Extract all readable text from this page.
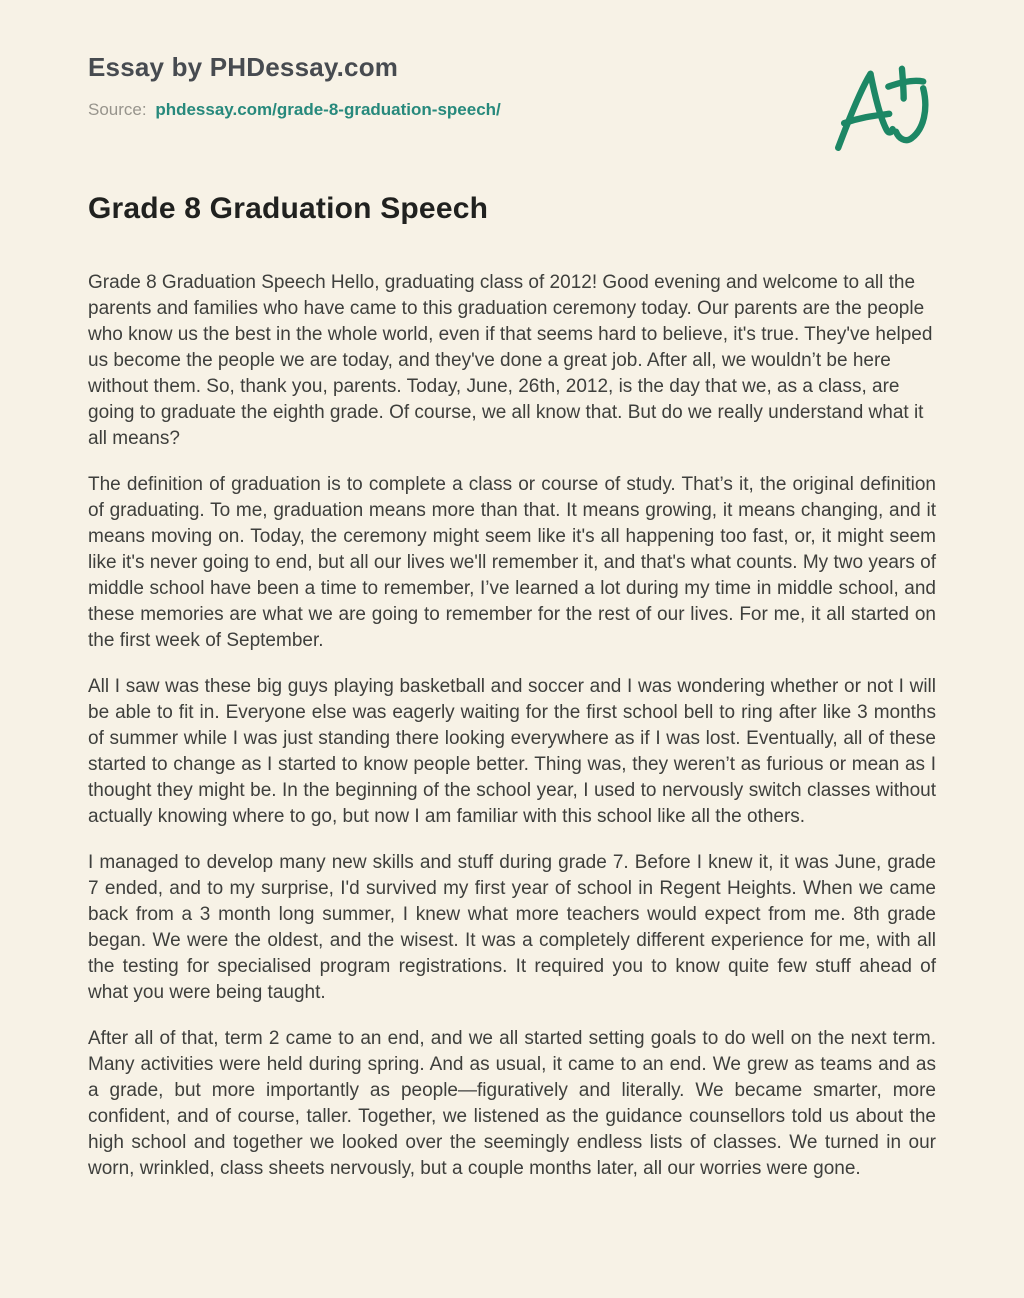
Essay by PHDessay.com
Source: phdessay.com/grade-8-graduation-speech/
Grade 8 Graduation Speech

Grade 8 Graduation Speech Hello, graduating class of 2012! Good evening and welcome to all the parents and families who have came to this graduation ceremony today. Our parents are the people who know us the best in the whole world, even if that seems hard to believe, it's true. They've helped us become the people we are today, and they've done a great job. After all, we wouldn’t be here without them. So, thank you, parents. Today, June, 26th, 2012, is the day that we, as a class, are going to graduate the eighth grade. Of course, we all know that. But do we really understand what it all means?

The definition of graduation is to complete a class or course of study. That’s it, the original definition of graduating. To me, graduation means more than that. It means growing, it means changing, and it means moving on. Today, the ceremony might seem like it's all happening too fast, or, it might seem like it's never going to end, but all our lives we'll remember it, and that's what counts. My two years of middle school have been a time to remember, I’ve learned a lot during my time in middle school, and these memories are what we are going to remember for the rest of our lives. For me, it all started on the first week of September.

All I saw was these big guys playing basketball and soccer and I was wondering whether or not I will be able to fit in. Everyone else was eagerly waiting for the first school bell to ring after like 3 months of summer while I was just standing there looking everywhere as if I was lost. Eventually, all of these started to change as I started to know people better. Thing was, they weren’t as furious or mean as I thought they might be. In the beginning of the school year, I used to nervously switch classes without actually knowing where to go, but now I am familiar with this school like all the others.

I managed to develop many new skills and stuff during grade 7. Before I knew it, it was June, grade 7 ended, and to my surprise, I'd survived my first year of school in Regent Heights. When we came back from a 3 month long summer, I knew what more teachers would expect from me. 8th grade began. We were the oldest, and the wisest. It was a completely different experience for me, with all the testing for specialised program registrations. It required you to know quite few stuff ahead of what you were being taught.

After all of that, term 2 came to an end, and we all started setting goals to do well on the next term. Many activities were held during spring. And as usual, it came to an end. We grew as teams and as a grade, but more importantly as people—figuratively and literally. We became smarter, more confident, and of course, taller. Together, we listened as the guidance counsellors told us about the high school and together we looked over the seemingly endless lists of classes. We turned in our worn, wrinkled, class sheets nervously, but a couple months later, all our worries were gone.
